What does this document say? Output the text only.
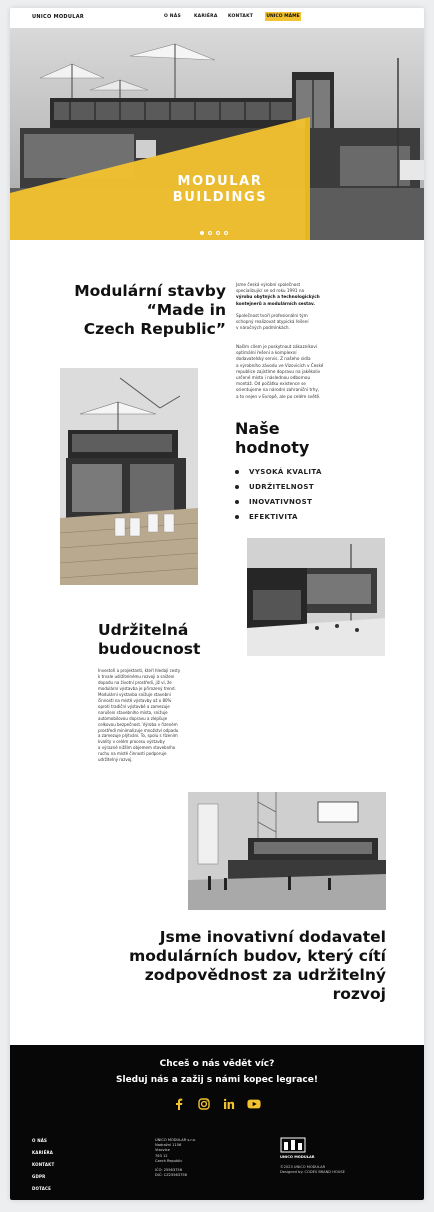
UNICO MODULAR	O NÁS	KARIÉRA KONTAKT	UNICO MÁME
MODULAR
BUILDINGS
Modulární stavby
“Made in
Czech Republic”
Jsme česká výrobní společnost
specializující se od roku 1991 na
výrobu obytných a technologických
kontejnerů a modulárních sestav.
Společnost tvoří profesionální tým
schopný realizovat atypická řešení
v náročných podmínkách.
Naším cílem je poskytnout zákazníkovi
optimální řešení a komplexní
dodavatelský servis. Z našeho sídla
a výrobního závodu ve Vizovicích v České
republice zajistíme dopravu na jakékoliv
určené místo i následnou odbornou
montáž. Od počátku existence se
orientujeme na národní zahraniční trhy,
a to nejen v Evropě, ale po celém světě.
Naše
hodnoty
VYSOKÁ KVALITA
UDRŽITELNOST
INOVATIVNOST
EFEKTIVITA
Udržitelná
budoucnost
Investoři a projektanti, kteří hledají cesty
k trvale udržitelnému rozvoji a snížení
dopadu na životní prostředí, již ví, že
modulární výstavba je přirozený trend.
Modulární výstavba snižuje stavební
činnosti na místě výstavby až o 80%
oproti tradiční výstavbě a zamezuje
narušení stavebního místa, snižuje
automobilovou dopravu a zlepšuje
celkovou bezpečnost. Výroba v řízeném
prostředí minimalizuje množství odpadu
a zamezuje plýtvání. To, spolu s řízením
kvality v celém procesu výstavby
a výrazně nižším objemem stavebního
ruchu na místě činnosti podporuje
udržitelný rozvoj.
Jsme inovativní dodavatel
modulárních budov, který cítí
zodpovědnost za udržitelný
rozvoj
Chceš o nás vědět víc?
Sleduj nás a zažij s námi kopec legrace!
O NÁS
KARIÉRA
KONTAKT
GDPR
DOTACE
UNICO MODULAR s.r.o.
Nadražní 1156
Vizovice
763 12
Czech Republic
IČO: 25563756
DIČ: CZ25563756
UNICO MODULAR
©2023 UNICO MODULAR
Designed by: CODES BRAND HOUSE
